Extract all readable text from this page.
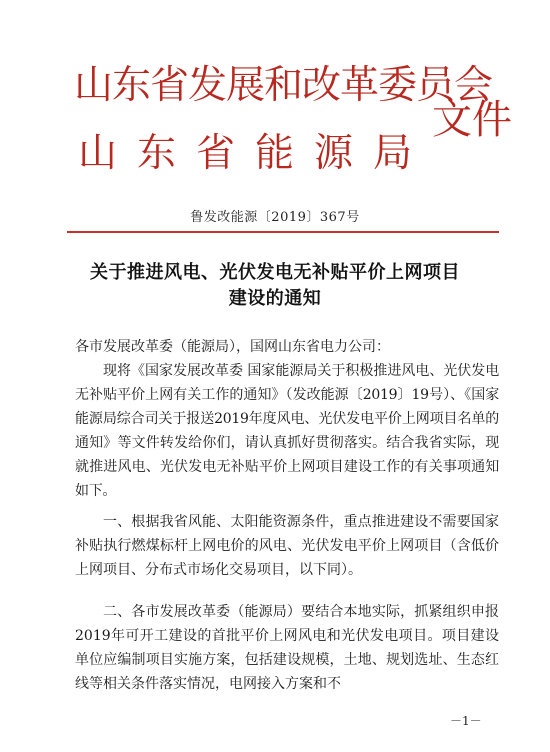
山东省发展和改革委员会
山东省能源局
文件
鲁发改能源〔2019〕367号
关于推进风电、光伏发电无补贴平价上网项目
建设的通知

各市发展改革委（能源局），国网山东省电力公司：

现将《国家发展改革委 国家能源局关于积极推进风电、光伏发电无补贴平价上网有关工作的通知》（发改能源〔2019〕19号）、《国家能源局综合司关于报送2019年度风电、光伏发电平价上网项目名单的通知》等文件转发给你们，请认真抓好贯彻落实。结合我省实际，现就推进风电、光伏发电无补贴平价上网项目建设工作的有关事项通知如下。

一、根据我省风能、太阳能资源条件，重点推进建设不需要国家补贴执行燃煤标杆上网电价的风电、光伏发电平价上网项目（含低价上网项目、分布式市场化交易项目，以下同）。

二、各市发展改革委（能源局）要结合本地实际，抓紧组织申报2019年可开工建设的首批平价上网风电和光伏发电项目。项目建设单位应编制项目实施方案，包括建设规模，土地、规划选址、生态红线等相关条件落实情况，电网接入方案和不

－1－
